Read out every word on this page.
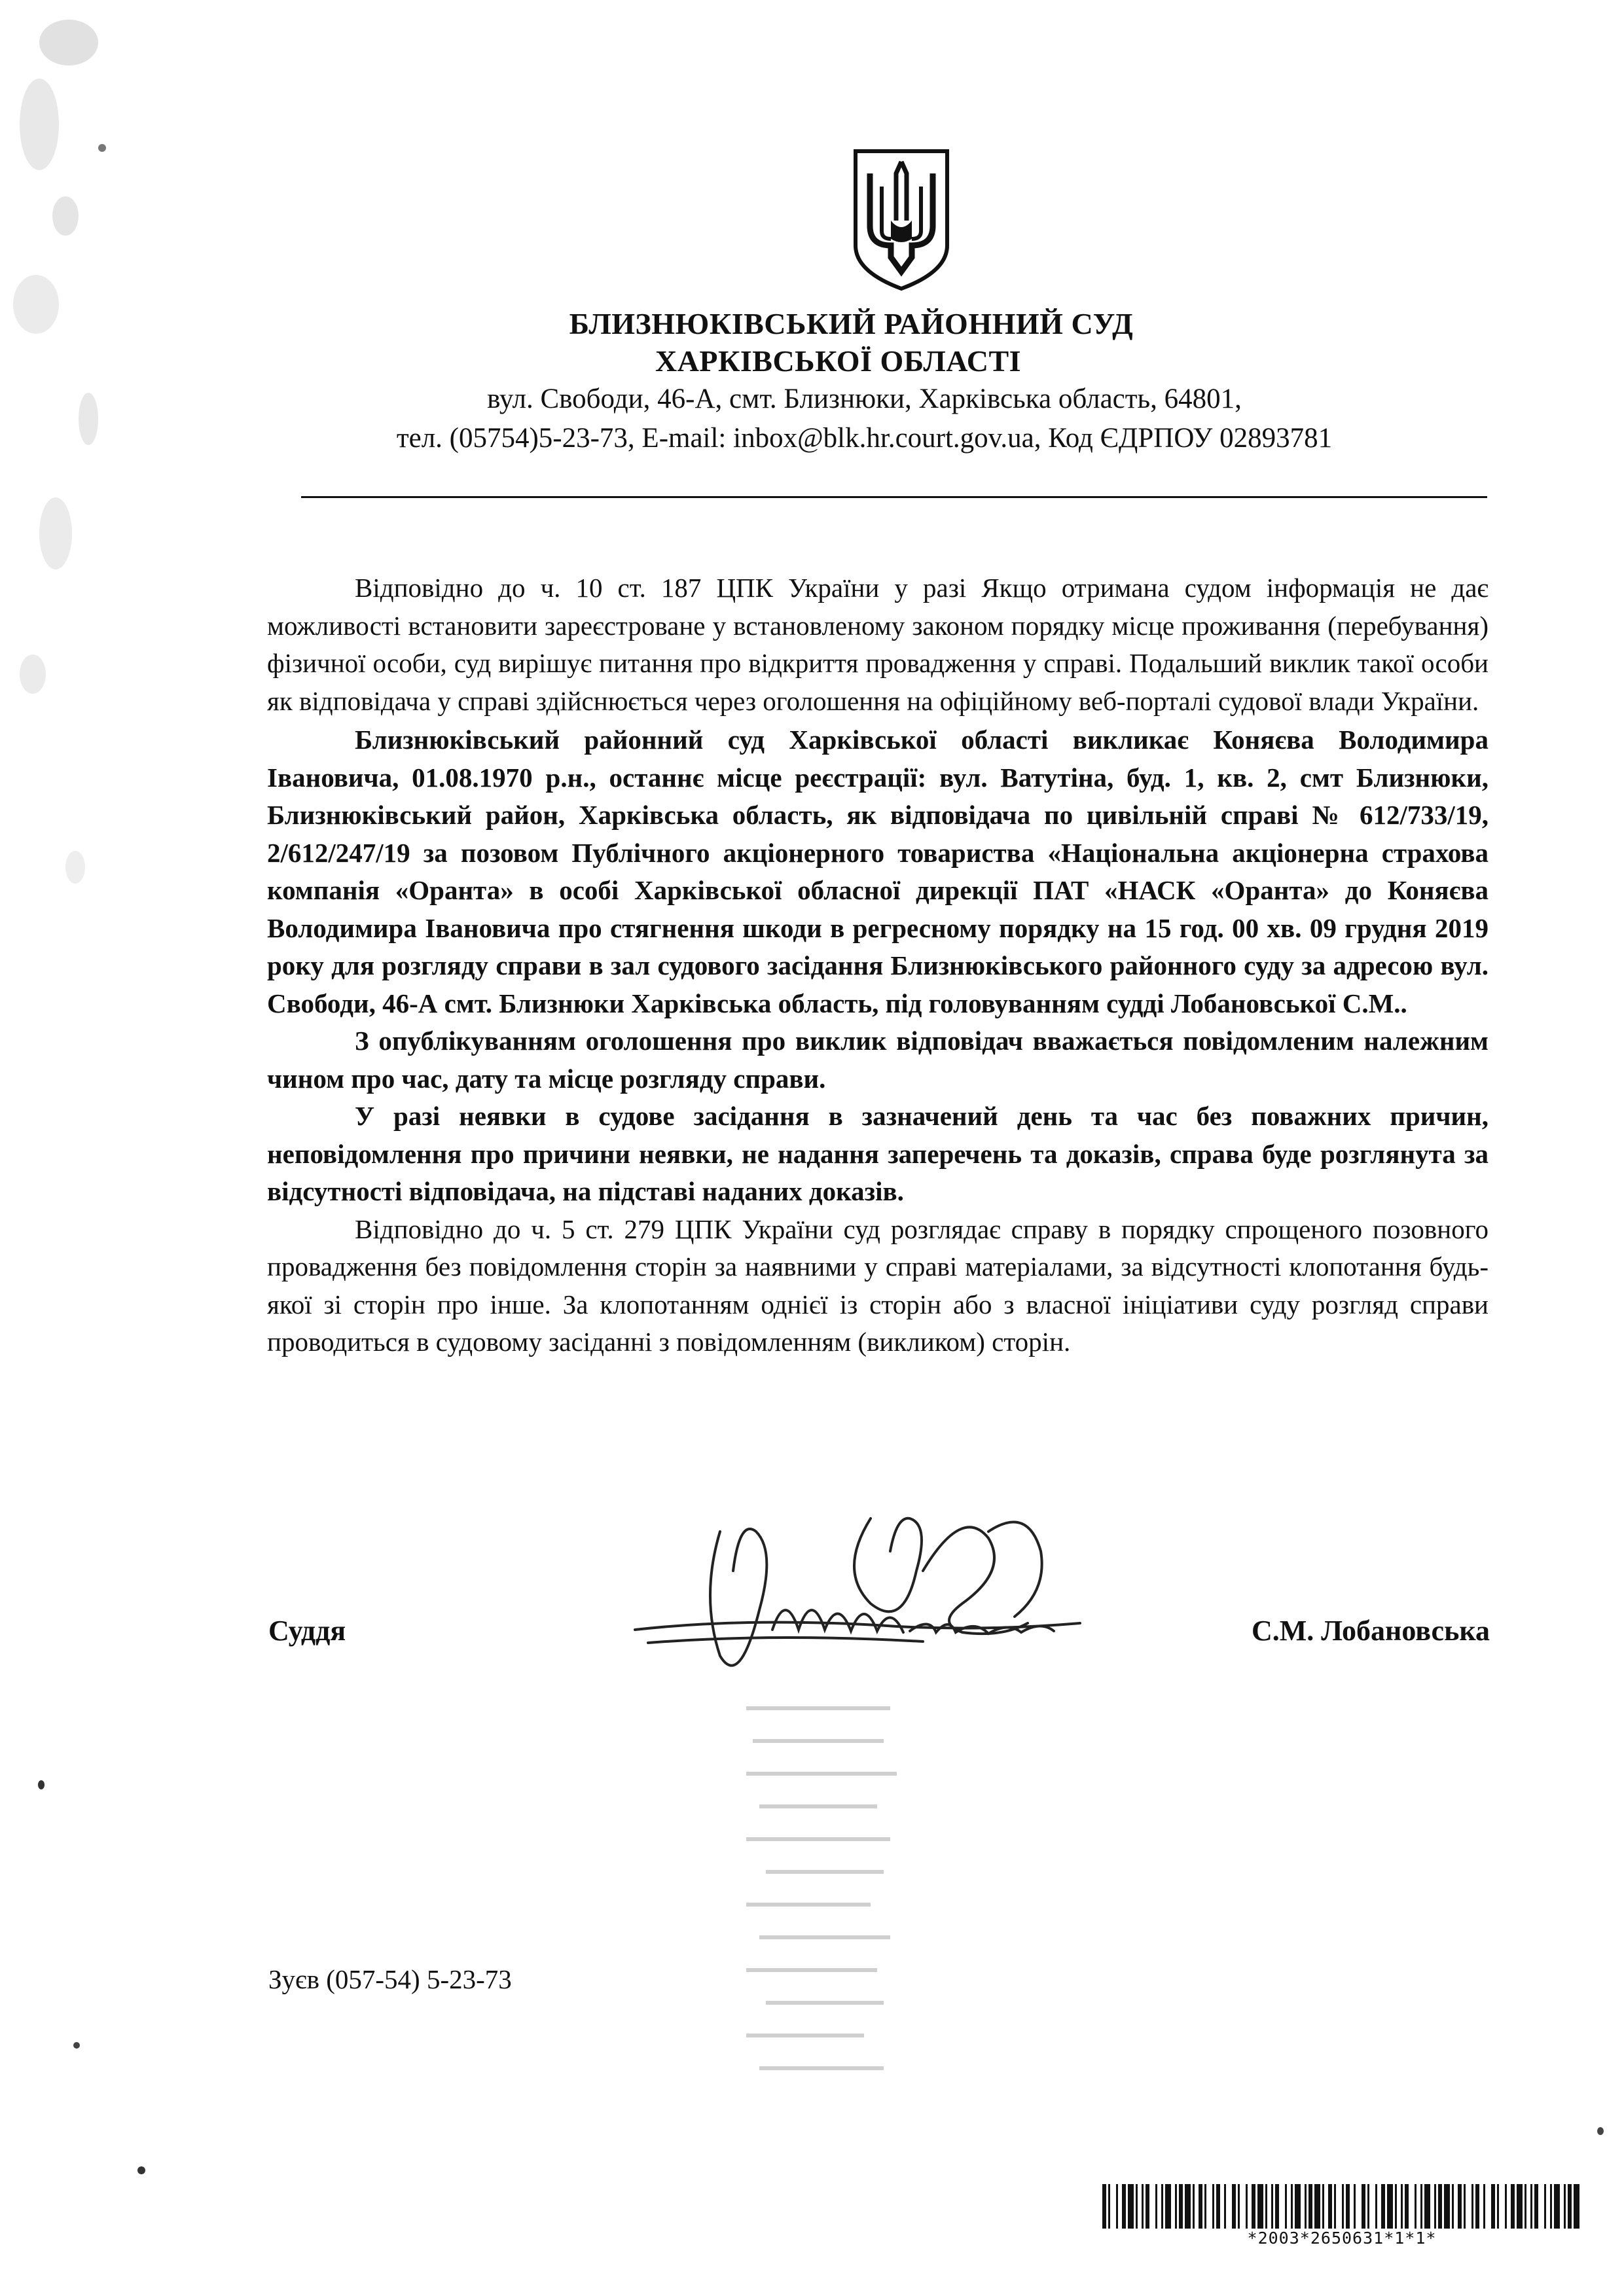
БЛИЗНЮКІВСЬКИЙ РАЙОННИЙ СУД
ХАРКІВСЬКОЇ ОБЛАСТІ
вул. Свободи, 46-А, смт. Близнюки, Харківська область, 64801,
тел. (05754)5-23-73, E-mail: inbox@blk.hr.court.gov.ua, Код ЄДРПОУ 02893781

Відповідно до ч. 10 ст. 187 ЦПК України у разі Якщо отримана судом інформація не дає можливості встановити зареєстроване у встановленому законом порядку місце проживання (перебування) фізичної особи, суд вирішує питання про відкриття провадження у справі. Подальший виклик такої особи як відповідача у справі здійснюється через оголошення на офіційному веб-порталі судової влади України.

Близнюківський районний суд Харківської області викликає Коняєва Володимира Івановича, 01.08.1970 р.н., останнє місце реєстрації: вул. Ватутіна, буд. 1, кв. 2, смт Близнюки, Близнюківський район, Харківська область, як відповідача по цивільній справі № 612/733/19, 2/612/247/19 за позовом Публічного акціонерного товариства «Національна акціонерна страхова компанія «Оранта» в особі Харківської обласної дирекції ПАТ «НАСК «Оранта» до Коняєва Володимира Івановича про стягнення шкоди в регресному порядку на 15 год. 00 хв. 09 грудня 2019 року для розгляду справи в зал судового засідання Близнюківського районного суду за адресою вул. Свободи, 46-А смт. Близнюки Харківська область, під головуванням судді Лобановської С.М..

З опублікуванням оголошення про виклик відповідач вважається повідомленим належним чином про час, дату та місце розгляду справи.

У разі неявки в судове засідання в зазначений день та час без поважних причин, неповідомлення про причини неявки, не надання заперечень та доказів, справа буде розглянута за відсутності відповідача, на підставі наданих доказів.

Відповідно до ч. 5 ст. 279 ЦПК України суд розглядає справу в порядку спрощеного позовного провадження без повідомлення сторін за наявними у справі матеріалами, за відсутності клопотання будь-якої зі сторін про інше. За клопотанням однієї із сторін або з власної ініціативи суду розгляд справи проводиться в судовому засіданні з повідомленням (викликом) сторін.

Суддя	С.М. Лобановська
Зуєв (057-54) 5-23-73
*2003*2650631*1*1*
